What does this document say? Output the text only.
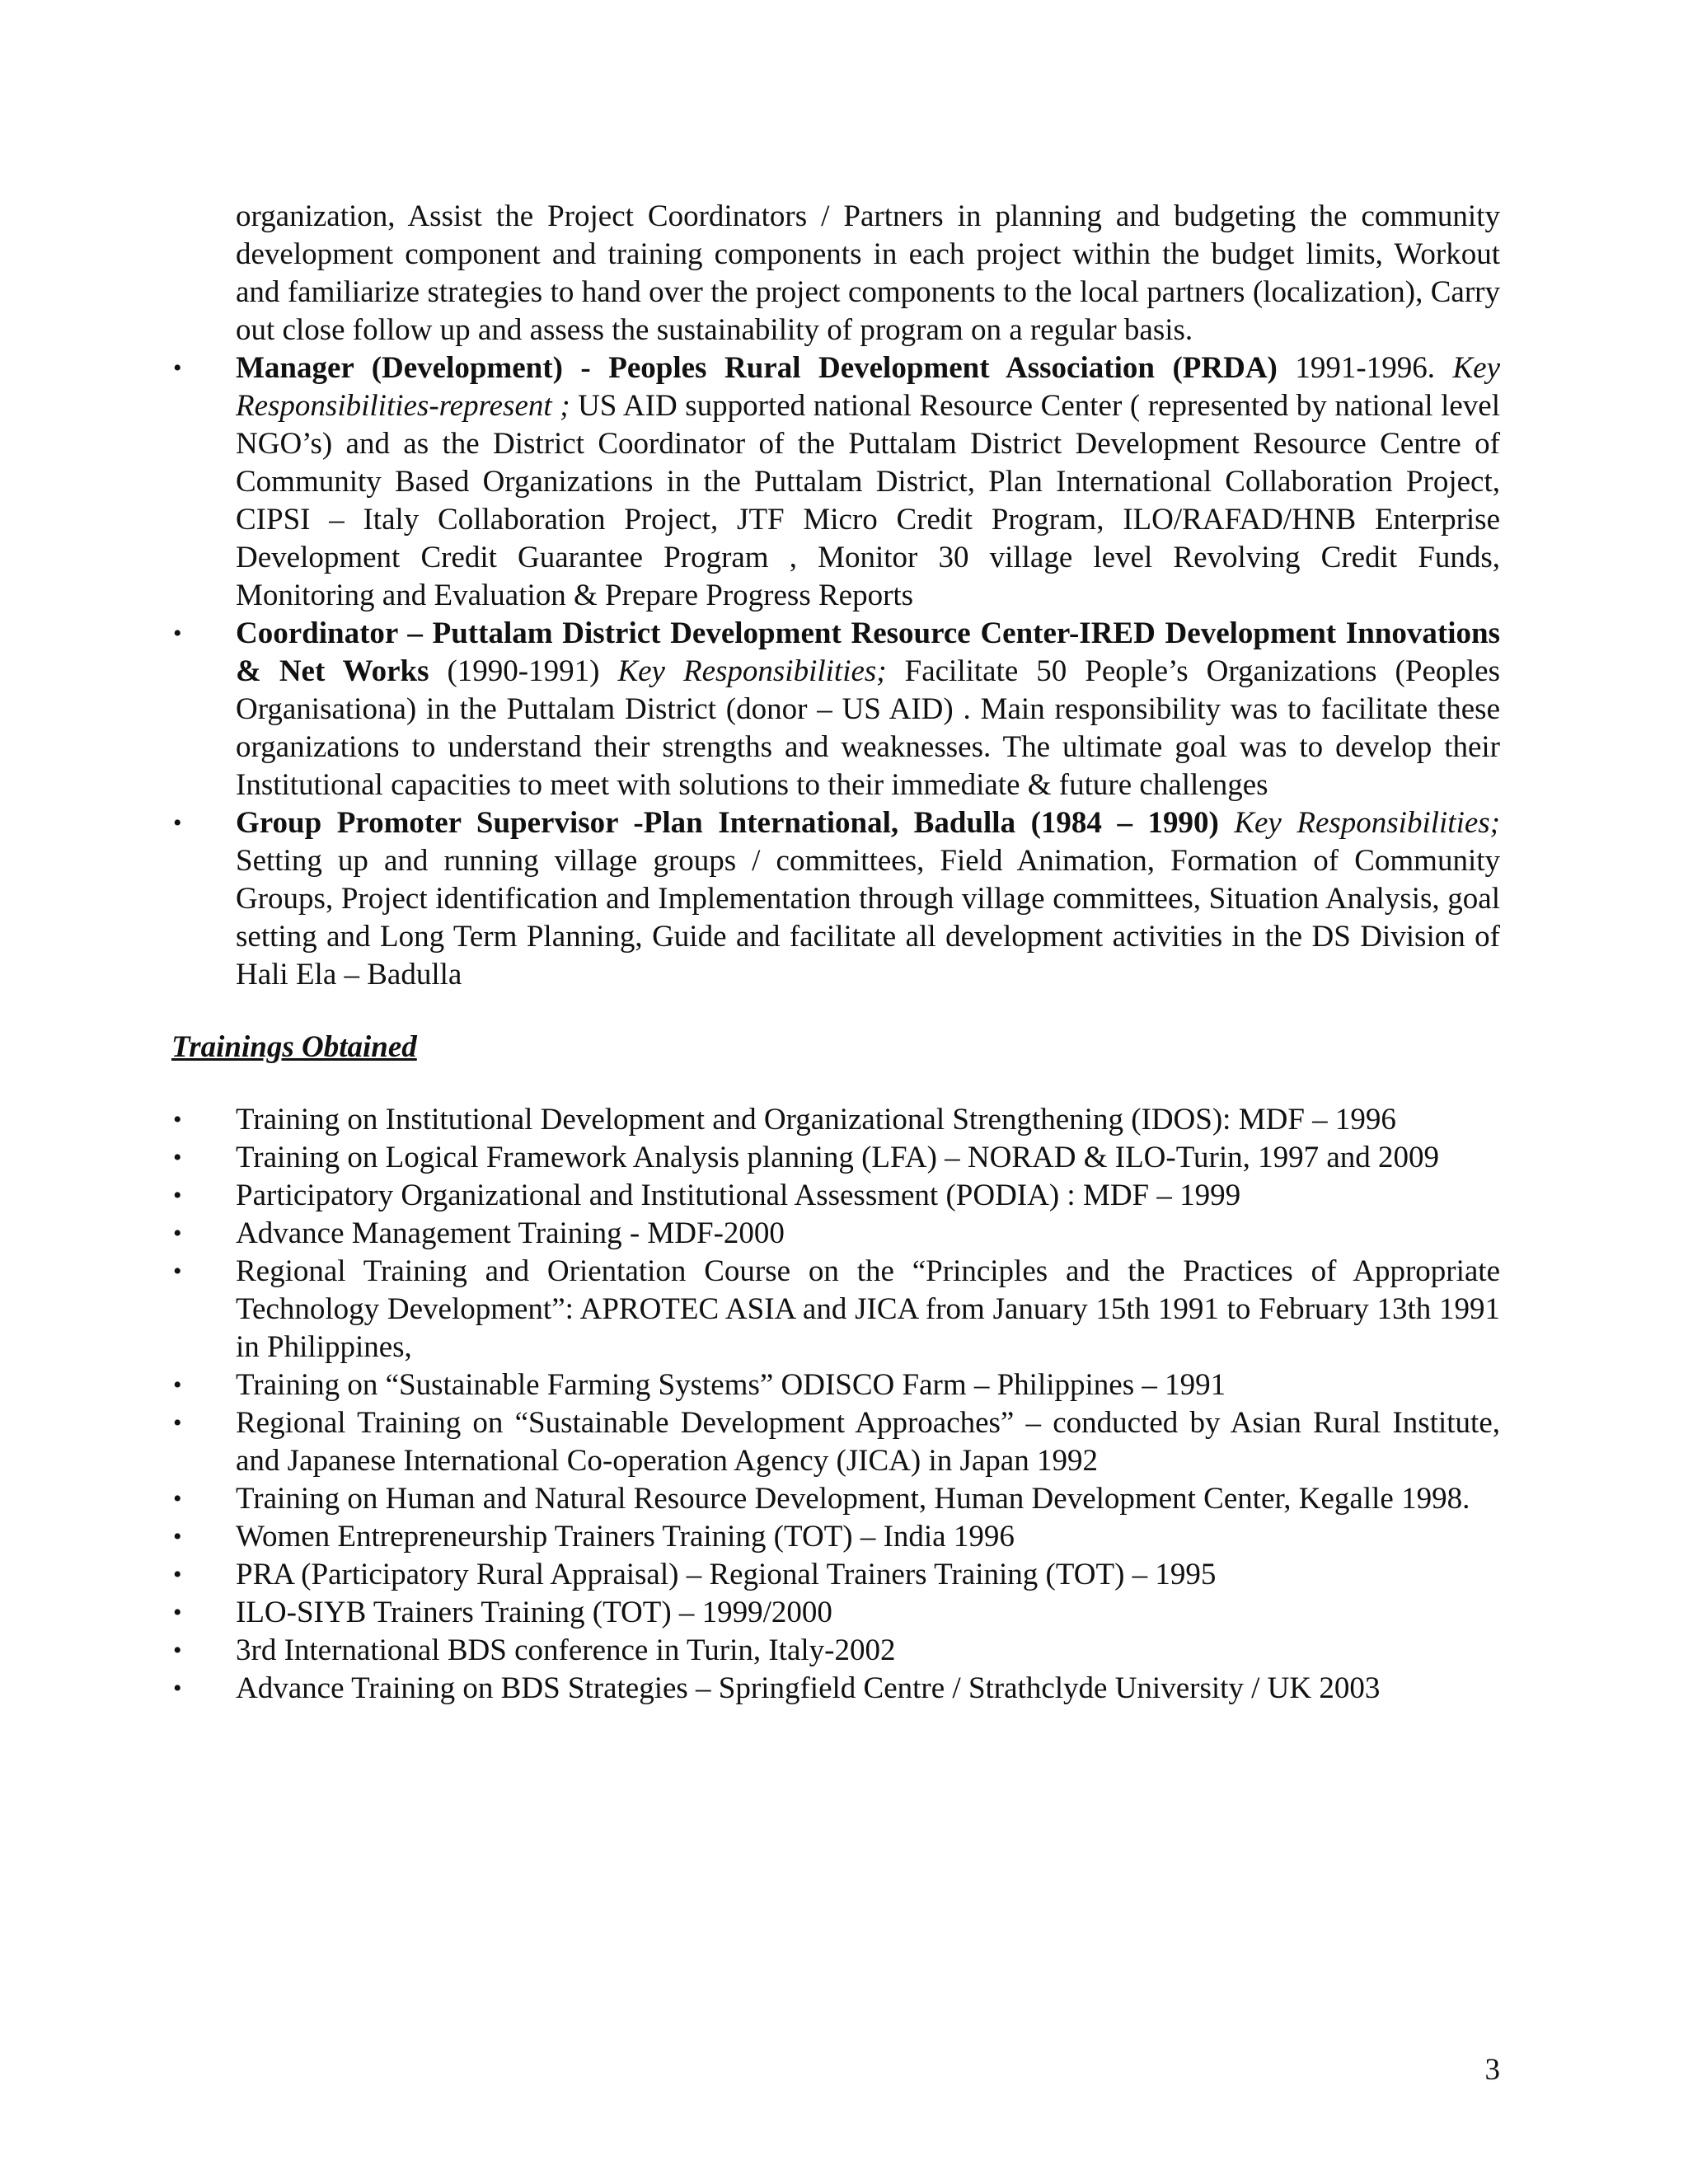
organization, Assist the Project Coordinators / Partners in planning and budgeting the community development component and training components in each project within the budget limits, Workout and familiarize strategies to hand over the project components to the local partners (localization), Carry out close follow up and assess the sustainability of program on a regular basis.

• Manager (Development) - Peoples Rural Development Association (PRDA) 1991-1996. Key Responsibilities-represent ; US AID supported national Resource Center ( represented by national level NGO’s) and as the District Coordinator of the Puttalam District Development Resource Centre of Community Based Organizations in the Puttalam District, Plan International Collaboration Project, CIPSI – Italy Collaboration Project, JTF Micro Credit Program, ILO/RAFAD/HNB Enterprise Development Credit Guarantee Program , Monitor 30 village level Revolving Credit Funds, Monitoring and Evaluation & Prepare Progress Reports
• Coordinator – Puttalam District Development Resource Center-IRED Development Innovations & Net Works (1990-1991) Key Responsibilities; Facilitate 50 People’s Organizations (Peoples Organisationa) in the Puttalam District (donor – US AID) . Main responsibility was to facilitate these organizations to understand their strengths and weaknesses. The ultimate goal was to develop their Institutional capacities to meet with solutions to their immediate & future challenges
• Group Promoter Supervisor -Plan International, Badulla (1984 – 1990) Key Responsibilities; Setting up and running village groups / committees, Field Animation, Formation of Community Groups, Project identification and Implementation through village committees, Situation Analysis, goal setting and Long Term Planning, Guide and facilitate all development activities in the DS Division of Hali Ela – Badulla
Trainings Obtained
• Training on Institutional Development and Organizational Strengthening (IDOS): MDF – 1996
• Training on Logical Framework Analysis planning (LFA) – NORAD & ILO-Turin, 1997 and 2009
• Participatory Organizational and Institutional Assessment (PODIA) : MDF – 1999
• Advance Management Training - MDF-2000
• Regional Training and Orientation Course on the “Principles and the Practices of Appropriate Technology Development”: APROTEC ASIA and JICA from January 15th 1991 to February 13th 1991 in Philippines,
• Training on “Sustainable Farming Systems” ODISCO Farm – Philippines – 1991
• Regional Training on “Sustainable Development Approaches” – conducted by Asian Rural Institute, and Japanese International Co-operation Agency (JICA) in Japan 1992
• Training on Human and Natural Resource Development, Human Development Center, Kegalle 1998.
• Women Entrepreneurship Trainers Training (TOT) – India 1996
• PRA (Participatory Rural Appraisal) – Regional Trainers Training (TOT) – 1995
• ILO-SIYB Trainers Training (TOT) – 1999/2000
• 3rd International BDS conference in Turin, Italy-2002
• Advance Training on BDS Strategies – Springfield Centre / Strathclyde University / UK 2003
3
